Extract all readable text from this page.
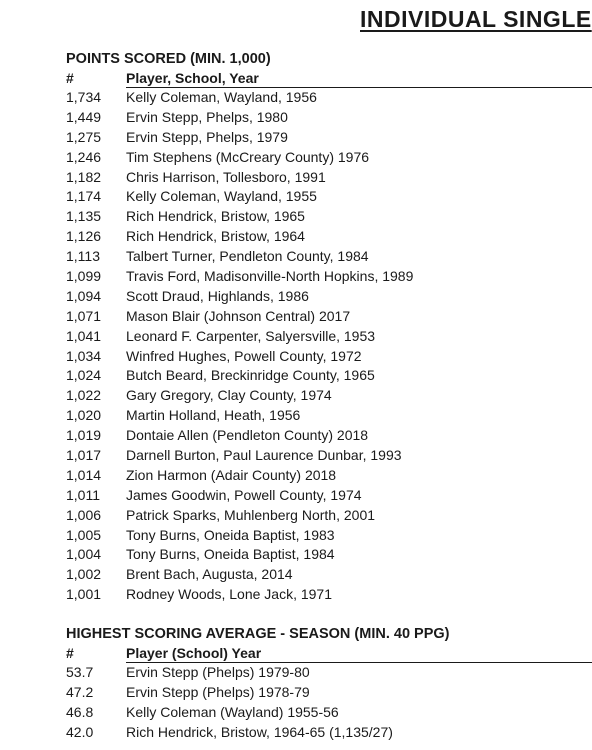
INDIVIDUAL SINGLE
POINTS SCORED (MIN. 1,000)
#	Player, School, Year
1,734 Kelly Coleman, Wayland, 1956
1,449 Ervin Stepp, Phelps, 1980
1,275 Ervin Stepp, Phelps, 1979
1,246 Tim Stephens (McCreary County) 1976
1,182 Chris Harrison, Tollesboro, 1991
1,174 Kelly Coleman, Wayland, 1955
1,135 Rich Hendrick, Bristow, 1965
1,126 Rich Hendrick, Bristow, 1964
1,113 Talbert Turner, Pendleton County, 1984
1,099 Travis Ford, Madisonville-North Hopkins, 1989
1,094 Scott Draud, Highlands, 1986
1,071 Mason Blair (Johnson Central) 2017
1,041 Leonard F. Carpenter, Salyersville, 1953
1,034 Winfred Hughes, Powell County, 1972
1,024 Butch Beard, Breckinridge County, 1965
1,022 Gary Gregory, Clay County, 1974
1,020 Martin Holland, Heath, 1956
1,019 Dontaie Allen (Pendleton County) 2018
1,017 Darnell Burton, Paul Laurence Dunbar, 1993
1,014 Zion Harmon (Adair County) 2018
1,011 James Goodwin, Powell County, 1974
1,006 Patrick Sparks, Muhlenberg North, 2001
1,005 Tony Burns, Oneida Baptist, 1983
1,004 Tony Burns, Oneida Baptist, 1984
1,002 Brent Bach, Augusta, 2014
1,001 Rodney Woods, Lone Jack, 1971
HIGHEST SCORING AVERAGE - SEASON (MIN. 40 PPG)
#	Player (School) Year
53.7 Ervin Stepp (Phelps) 1979-80
47.2 Ervin Stepp (Phelps) 1978-79
46.8 Kelly Coleman (Wayland) 1955-56
42.0 Rich Hendrick, Bristow, 1964-65 (1,135/27)
